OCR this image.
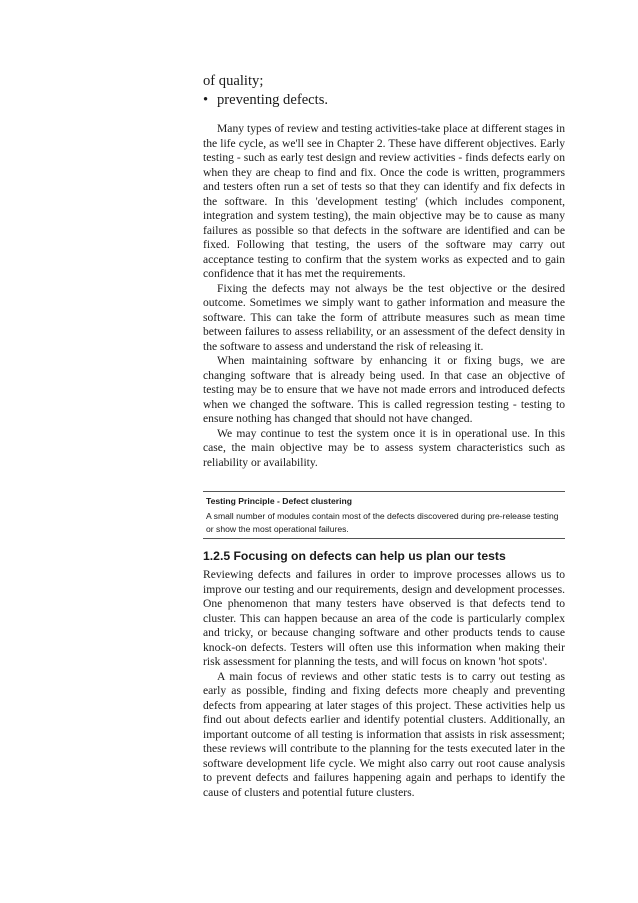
of quality;

• preventing defects.

Many types of review and testing activities-take place at different stages in the life cycle, as we'll see in Chapter 2. These have different objectives. Early testing - such as early test design and review activities - finds defects early on when they are cheap to find and fix. Once the code is written, programmers and testers often run a set of tests so that they can identify and fix defects in the software. In this 'development testing' (which includes component, integration and system testing), the main objective may be to cause as many failures as possible so that defects in the software are identified and can be fixed. Following that testing, the users of the software may carry out acceptance testing to confirm that the system works as expected and to gain confidence that it has met the requirements.

Fixing the defects may not always be the test objective or the desired outcome. Sometimes we simply want to gather information and measure the software. This can take the form of attribute measures such as mean time between failures to assess reliability, or an assessment of the defect density in the software to assess and understand the risk of releasing it.

When maintaining software by enhancing it or fixing bugs, we are changing software that is already being used. In that case an objective of testing may be to ensure that we have not made errors and introduced defects when we changed the software. This is called regression testing - testing to ensure nothing has changed that should not have changed.

We may continue to test the system once it is in operational use. In this case, the main objective may be to assess system characteristics such as reliability or availability.

Testing Principle - Defect clustering

A small number of modules contain most of the defects discovered during pre-release testing or show the most operational failures.

1.2.5 Focusing on defects can help us plan our tests

Reviewing defects and failures in order to improve processes allows us to improve our testing and our requirements, design and development processes. One phenomenon that many testers have observed is that defects tend to cluster. This can happen because an area of the code is particularly complex and tricky, or because changing software and other products tends to cause knock-on defects. Testers will often use this information when making their risk assessment for planning the tests, and will focus on known 'hot spots'.

A main focus of reviews and other static tests is to carry out testing as early as possible, finding and fixing defects more cheaply and preventing defects from appearing at later stages of this project. These activities help us find out about defects earlier and identify potential clusters. Additionally, an important outcome of all testing is information that assists in risk assessment; these reviews will contribute to the planning for the tests executed later in the software development life cycle. We might also carry out root cause analysis to prevent defects and failures happening again and perhaps to identify the cause of clusters and potential future clusters.
